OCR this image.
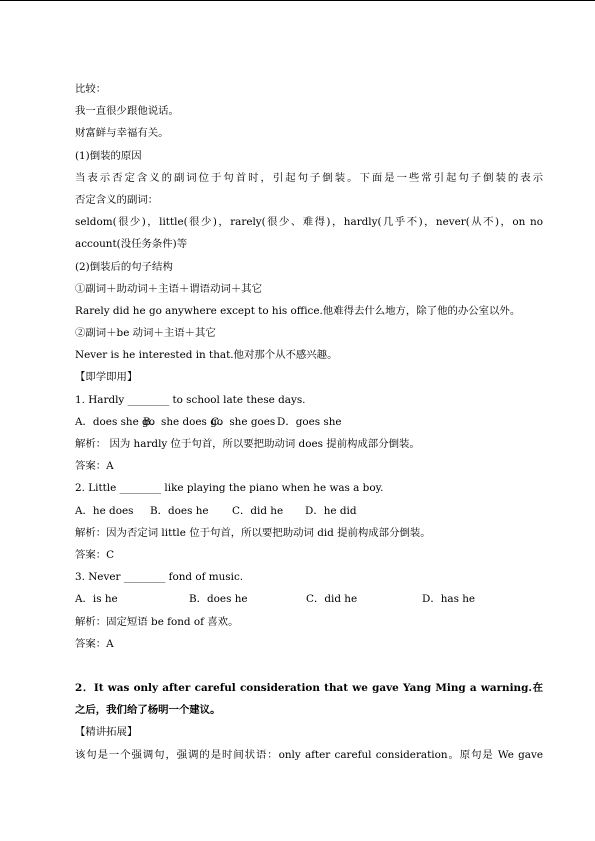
比较：
我一直很少跟他说话。
财富鲜与幸福有关。
(1)倒装的原因
当表示否定含义的副词位于句首时，引起句子倒装。下面是一些常引起句子倒装的表示
否定含义的副词：
seldom(很少)，little(很少)，rarely(很少、难得)，hardly(几乎不)，never(从不)，on no
account(没任务条件)等
(2)倒装后的句子结构
①副词＋助动词＋主语＋谓语动词＋其它
Rarely did he go anywhere except to his office.他难得去什么地方，除了他的办公室以外。
②副词＋be 动词＋主语＋其它
Never is he interested in that.他对那个从不感兴趣。
【即学即用】
1. Hardly ________ to school late these days.
A．does she go
B．she does go
C．she goes D．goes she
解析： 因为 hardly 位于句首，所以要把助动词 does 提前构成部分倒装。
答案：A
2. Little ________ like playing the piano when he was a boy.
A．he does	B．does he	C．did he	D．he did
解析：因为否定词 little 位于句首，所以要把助动词 did 提前构成部分倒装。
答案：C
3. Never ________ fond of music.
A．is he	B．does he	C．did he	D．has he
解析：固定短语 be fond of 喜欢。
答案：A
2．It was only after careful consideration that we gave Yang Ming a warning.在
之后，我们给了杨明一个建议。
【精讲拓展】
该句是一个强调句，强调的是时间状语：only after careful consideration。原句是 We gave
